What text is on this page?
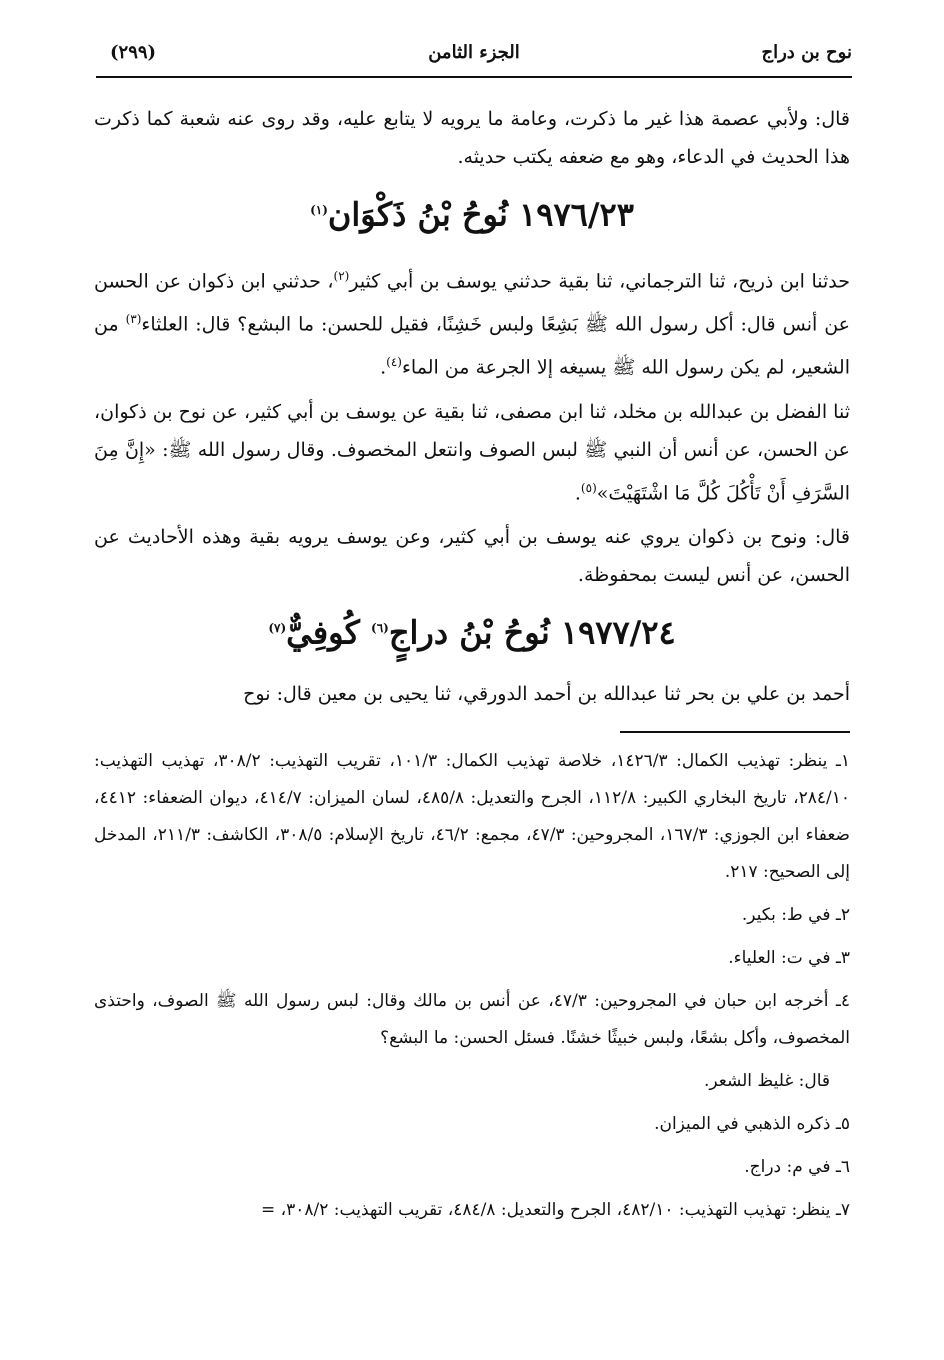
(٢٩٩)	الجزء الثامن	نوح بن دراج

قال: ولأبي عصمة هذا غير ما ذكرت، وعامة ما يرويه لا يتابع عليه، وقد روى عنه شعبة كما ذكرت هذا الحديث في الدعاء، وهو مع ضعفه يكتب حديثه.

١٩٧٦/٢٣ نُوحُ بْنُ ذَكْوَان$^{(١)}$

حدثنا ابن ذريح، ثنا الترجماني، ثنا بقية حدثني يوسف بن أبي كثير$^{(٢)}$، حدثني ابن ذكوان عن الحسن عن أنس قال: أكل رسول الله ﷺ بَشِعًا ولبس خَشِنًا، فقيل للحسن: ما البشع؟ قال: العلثاء$^{(٣)}$ من الشعير، لم يكن رسول الله ﷺ يسيغه إلا الجرعة من الماء$^{(٤)}$.

ثنا الفضل بن عبدالله بن مخلد، ثنا ابن مصفى، ثنا بقية عن يوسف بن أبي كثير، عن نوح بن ذكوان، عن الحسن، عن أنس أن النبي ﷺ لبس الصوف وانتعل المخصوف. وقال رسول الله ﷺ: «إِنَّ مِنَ السَّرَفِ أَنْ تَأْكُلَ كُلَّ مَا اشْتَهَيْتَ»$^{(٥)}$.

قال: ونوح بن ذكوان يروي عنه يوسف بن أبي كثير، وعن يوسف يرويه بقية وهذه الأحاديث عن الحسن، عن أنس ليست بمحفوظة.

١٩٧٧/٢٤ نُوحُ بْنُ دراجٍ$^{(٦)}$ كُوفِيٌّ$^{(٧)}$

أحمد بن علي بن بحر ثنا عبدالله بن أحمد الدورقي، ثنا يحيى بن معين قال: نوح

١ـ ينظر: تهذيب الكمال: ١٤٢٦/٣، خلاصة تهذيب الكمال: ١٠١/٣، تقريب التهذيب: ٣٠٨/٢، تهذيب التهذيب: ٢٨٤/١٠، تاريخ البخاري الكبير: ١١٢/٨، الجرح والتعديل: ٤٨٥/٨، لسان الميزان: ٤١٤/٧، ديوان الضعفاء: ٤٤١٢، ضعفاء ابن الجوزي: ١٦٧/٣، المجروحين: ٤٧/٣، مجمع: ٤٦/٢، تاريخ الإسلام: ٣٠٨/٥، الكاشف: ٢١١/٣، المدخل إلى الصحيح: ٢١٧.

٢ـ في ط: بكير.

٣ـ في ت: العلياء.

٤ـ أخرجه ابن حبان في المجروحين: ٤٧/٣، عن أنس بن مالك وقال: لبس رسول الله ﷺ الصوف، واحتذى المخصوف، وأكل بشعًا، ولبس خبيثًا خشنًا. فسئل الحسن: ما البشع؟

قال: غليظ الشعر.

٥ـ ذكره الذهبي في الميزان.

٦ـ في م: دراج.

٧ـ ينظر: تهذيب التهذيب: ٤٨٢/١٠، الجرح والتعديل: ٤٨٤/٨، تقريب التهذيب: ٣٠٨/٢، =
